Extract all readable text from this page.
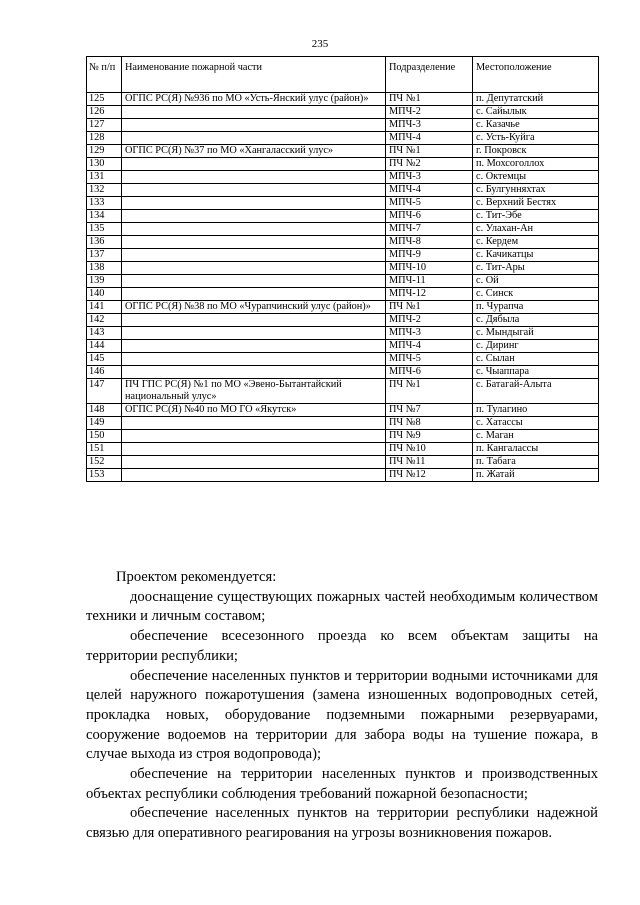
235
№ п/п	Наименование пожарной части	Подразделение	Местоположение
125	ОГПС РС(Я) №936 по МО «Усть-Янский улус (район)»	ПЧ №1	п. Депутатский
126		МПЧ-2	с. Сайылык
127		МПЧ-3	с. Казачье
128		МПЧ-4	с. Усть-Куйга
129	ОГПС РС(Я) №37 по МО «Хангаласский улус»	ПЧ №1	г. Покровск
130		ПЧ №2	п. Мохсоголлох
131		МПЧ-3	с. Октемцы
132		МПЧ-4	с. Булгунняхтах
133		МПЧ-5	с. Верхний Бестях
134		МПЧ-6	с. Тит-Эбе
135		МПЧ-7	с. Улахан-Ан
136		МПЧ-8	с. Кердем
137		МПЧ-9	с. Качикатцы
138		МПЧ-10	с. Тит-Ары
139		МПЧ-11	с. Ой
140		МПЧ-12	с. Синск
141	ОГПС РС(Я) №38 по МО «Чурапчинский улус (район)»	ПЧ №1	п. Чурапча
142		МПЧ-2	с. Дябыла
143		МПЧ-3	с. Мындыгай
144		МПЧ-4	с. Диринг
145		МПЧ-5	с. Сылан
146		МПЧ-6	с. Чыаппара
147	ПЧ ГПС РС(Я) №1 по МО «Эвено-Бытантайский национальный улус»	ПЧ №1	с. Батагай-Алыта
148	ОГПС РС(Я) №40 по МО ГО «Якутск»	ПЧ №7	п. Тулагино
149		ПЧ №8	с. Хатассы
150		ПЧ №9	с. Маган
151		ПЧ №10	п. Кангалассы
152		ПЧ №11	п. Табага
153		ПЧ №12	п. Жатай

Проектом рекомендуется:

дооснащение существующих пожарных частей необходимым количеством техники и личным составом;

обеспечение всесезонного проезда ко всем объектам защиты на территории республики;

обеспечение населенных пунктов и территории водными источниками для целей наружного пожаротушения (замена изношенных водопроводных сетей, прокладка новых, оборудование подземными пожарными резервуарами, сооружение водоемов на территории для забора воды на тушение пожара, в случае выхода из строя водопровода);

обеспечение на территории населенных пунктов и производственных объектах республики соблюдения требований пожарной безопасности;

обеспечение населенных пунктов на территории республики надежной связью для оперативного реагирования на угрозы возникновения пожаров.
